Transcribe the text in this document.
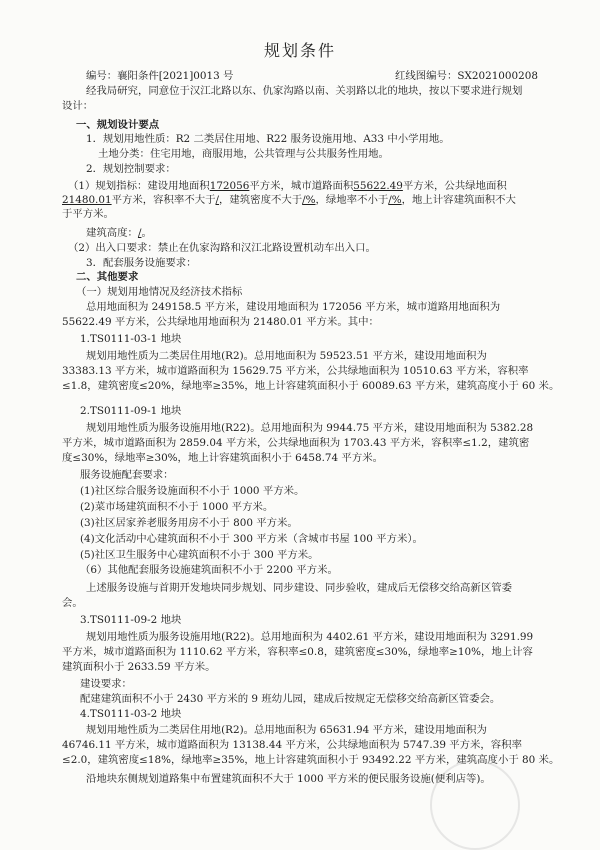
规划条件
编号：襄阳条件[2021]0013 号	红线图编号：SX2021000208
经我局研究，同意位于汉江北路以东、仇家沟路以南、关羽路以北的地块，按以下要求进行规划
设计：
一、规划设计要点
1．规划用地性质：R2 二类居住用地、R22 服务设施用地、A33 中小学用地。
土地分类：住宅用地，商服用地，公共管理与公共服务性用地。
2．规划控制要求：
（1）规划指标：建设用地面积172056平方米，城市道路面积55622.49平方米，公共绿地面积
21480.01平方米，容积率不大于/，建筑密度不大于/%，绿地率不小于/%，地上计容建筑面积不大
于平方米。
建筑高度：/。
（2）出入口要求：禁止在仇家沟路和汉江北路设置机动车出入口。
3．配套服务设施要求：
二、其他要求
（一）规划用地情况及经济技术指标
总用地面积为 249158.5 平方米，建设用地面积为 172056 平方米，城市道路用地面积为
55622.49 平方米，公共绿地用地面积为 21480.01 平方米。其中：
1.TS0111-03-1 地块
规划用地性质为二类居住用地(R2)。总用地面积为 59523.51 平方米，建设用地面积为
33383.13 平方米，城市道路面积为 15629.75 平方米，公共绿地面积为 10510.63 平方米，容积率
≤1.8，建筑密度≤20%，绿地率≥35%，地上计容建筑面积小于 60089.63 平方米，建筑高度小于 60 米。
2.TS0111-09-1 地块
规划用地性质为服务设施用地(R22)。总用地面积为 9944.75 平方米，建设用地面积为 5382.28
平方米，城市道路面积为 2859.04 平方米，公共绿地面积为 1703.43 平方米，容积率≤1.2，建筑密
度≤30%，绿地率≥30%，地上计容建筑面积小于 6458.74 平方米。
服务设施配套要求：
(1)社区综合服务设施面积不小于 1000 平方米。
(2)菜市场建筑面积不小于 1000 平方米。
(3)社区居家养老服务用房不小于 800 平方米。
(4)文化活动中心建筑面积不小于 300 平方米（含城市书屋 100 平方米）。
(5)社区卫生服务中心建筑面积不小于 300 平方米。
（6）其他配套服务设施建筑面积不小于 2200 平方米。
上述服务设施与首期开发地块同步规划、同步建设、同步验收，建成后无偿移交给高新区管委
会。
3.TS0111-09-2 地块
规划用地性质为服务设施用地(R22)。总用地面积为 4402.61 平方米，建设用地面积为 3291.99
平方米，城市道路面积为 1110.62 平方米，容积率≤0.8，建筑密度≤30%，绿地率≥10%，地上计容
建筑面积小于 2633.59 平方米。
建设要求：
配建建筑面积不小于 2430 平方米的 9 班幼儿园，建成后按规定无偿移交给高新区管委会。
4.TS0111-03-2 地块
规划用地性质为二类居住用地(R2)。总用地面积为 65631.94 平方米，建设用地面积为
46746.11 平方米，城市道路面积为 13138.44 平方米，公共绿地面积为 5747.39 平方米，容积率
≤2.0，建筑密度≤18%，绿地率≥35%，地上计容建筑面积小于 93492.22 平方米，建筑高度小于 80 米。
沿地块东侧规划道路集中布置建筑面积不大于 1000 平方米的便民服务设施(便利店等)。
